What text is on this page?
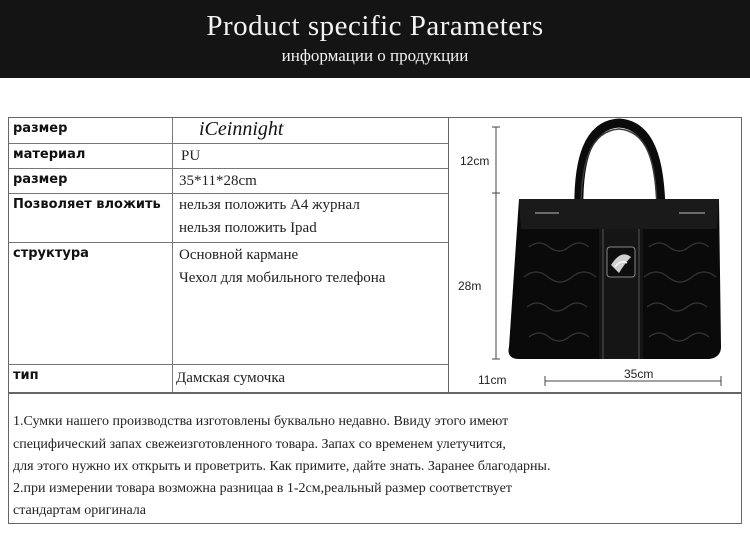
Product specific Parameters
информации о продукции
размер	iCeinnight
материал	PU
размер	35*11*28cm
Позволяет вложить	нельзя положить А4 журнал
нельзя положить Ipad
структура	Основной кармане
Чехол для мобильного телефона
тип	Дамская сумочка
12cm
28m
11cm	35cm
1.Сумки нашего производства изготовлены буквально недавно. Ввиду этого имеют
специфический запах свежеизготовленного товара. Запах со временем улетучится,
для этого нужно их открыть и проветрить. Как примите, дайте знать. Заранее благодарны.
2.при измерении товара возможна разницаа в 1-2см,реальный размер соответствует
стандартам оригинала
